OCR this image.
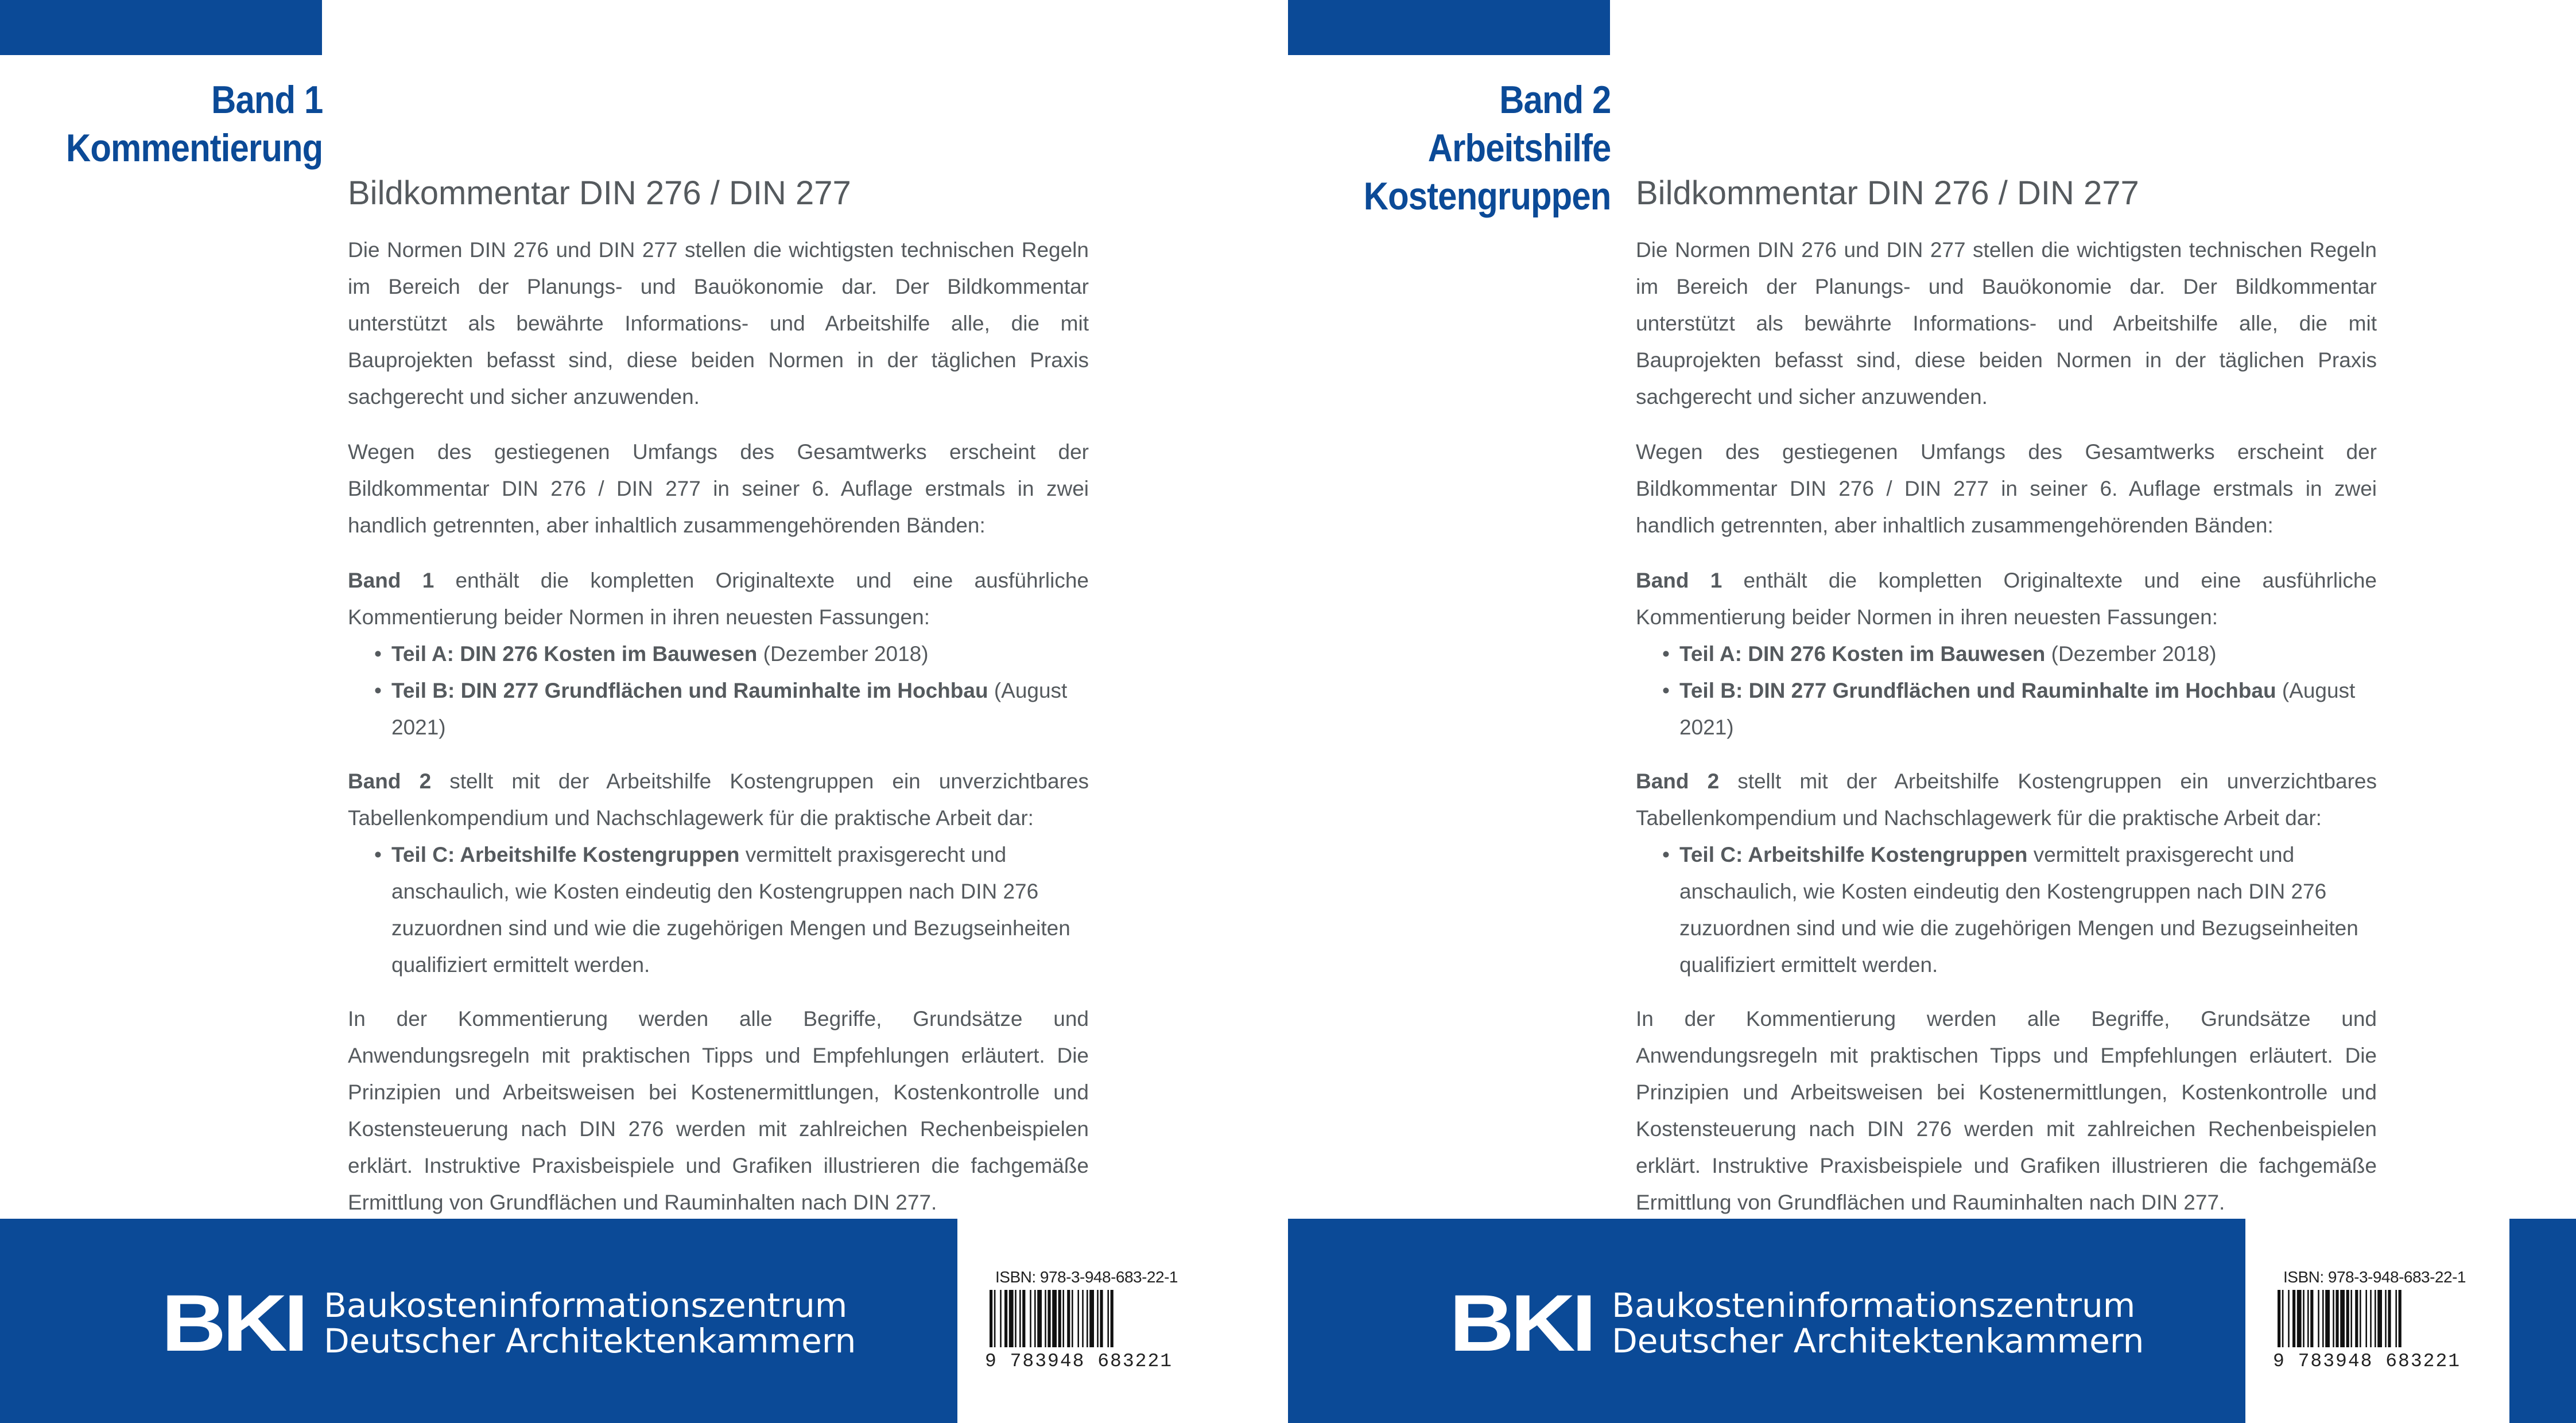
Band 1
Kommentierung
Bildkommentar DIN 276 / DIN 277

Die Normen DIN 276 und DIN 277 stellen die wichtigsten technischen Regeln im Bereich der Planungs- und Bauökonomie dar. Der Bildkommentar unterstützt als bewährte Informations- und Arbeitshilfe alle, die mit Bauprojekten befasst sind, diese beiden Normen in der täglichen Praxis sachgerecht und sicher anzuwenden.

Wegen des gestiegenen Umfangs des Gesamtwerks erscheint der Bildkommentar DIN 276 / DIN 277 in seiner 6. Auflage erstmals in zwei handlich getrennten, aber inhaltlich zusammengehörenden Bänden:

Band 1 enthält die kompletten Originaltexte und eine ausführliche Kommentierung beider Normen in ihren neuesten Fassungen:

• Teil A: DIN 276 Kosten im Bauwesen (Dezember 2018)
• Teil B: DIN 277 Grundflächen und Rauminhalte im Hochbau (August 2021)

Band 2 stellt mit der Arbeitshilfe Kostengruppen ein unverzichtbares Tabellenkompendium und Nachschlagewerk für die praktische Arbeit dar:

• Teil C: Arbeitshilfe Kostengruppen vermittelt praxisgerecht und anschaulich, wie Kosten eindeutig den Kostengruppen nach DIN 276 zuzuordnen sind und wie die zugehörigen Mengen und Bezugseinheiten qualifiziert ermittelt werden.

In der Kommentierung werden alle Begriffe, Grundsätze und Anwendungsregeln mit praktischen Tipps und Empfehlungen erläutert. Die Prinzipien und Arbeitsweisen bei Kostenermittlungen, Kostenkontrolle und Kostensteuerung nach DIN 276 werden mit zahlreichen Rechenbeispielen erklärt. Instruktive Praxisbeispiele und Grafiken illustrieren die fachgemäße Ermittlung von Grundflächen und Rauminhalten nach DIN 277.

BKI Baukosteninformationszentrum
Deutscher Architektenkammern
ISBN: 978-3-948-683-22-1
9 783948 683221
Band 2
Arbeitshilfe
Kostengruppen Bildkommentar DIN 276 / DIN 277

Die Normen DIN 276 und DIN 277 stellen die wichtigsten technischen Regeln im Bereich der Planungs- und Bauökonomie dar. Der Bildkommentar unterstützt als bewährte Informations- und Arbeitshilfe alle, die mit Bauprojekten befasst sind, diese beiden Normen in der täglichen Praxis sachgerecht und sicher anzuwenden.

Wegen des gestiegenen Umfangs des Gesamtwerks erscheint der Bildkommentar DIN 276 / DIN 277 in seiner 6. Auflage erstmals in zwei handlich getrennten, aber inhaltlich zusammengehörenden Bänden:

Band 1 enthält die kompletten Originaltexte und eine ausführliche Kommentierung beider Normen in ihren neuesten Fassungen:

• Teil A: DIN 276 Kosten im Bauwesen (Dezember 2018)
• Teil B: DIN 277 Grundflächen und Rauminhalte im Hochbau (August 2021)

Band 2 stellt mit der Arbeitshilfe Kostengruppen ein unverzichtbares Tabellenkompendium und Nachschlagewerk für die praktische Arbeit dar:

• Teil C: Arbeitshilfe Kostengruppen vermittelt praxisgerecht und anschaulich, wie Kosten eindeutig den Kostengruppen nach DIN 276 zuzuordnen sind und wie die zugehörigen Mengen und Bezugseinheiten qualifiziert ermittelt werden.

In der Kommentierung werden alle Begriffe, Grundsätze und Anwendungsregeln mit praktischen Tipps und Empfehlungen erläutert. Die Prinzipien und Arbeitsweisen bei Kostenermittlungen, Kostenkontrolle und Kostensteuerung nach DIN 276 werden mit zahlreichen Rechenbeispielen erklärt. Instruktive Praxisbeispiele und Grafiken illustrieren die fachgemäße Ermittlung von Grundflächen und Rauminhalten nach DIN 277.

BKI Baukosteninformationszentrum
Deutscher Architektenkammern
ISBN: 978-3-948-683-22-1
9 783948 683221
